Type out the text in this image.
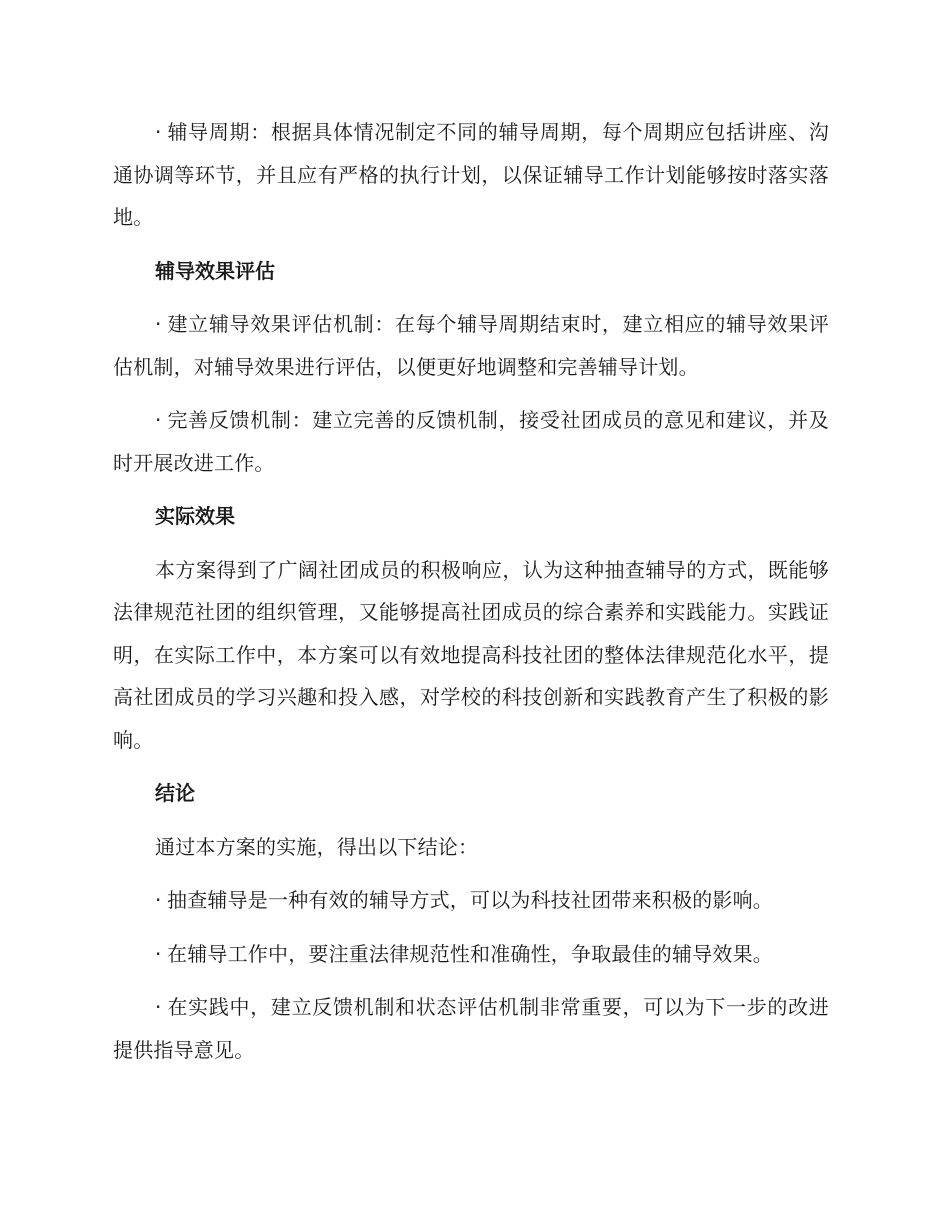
· 辅导周期：根据具体情况制定不同的辅导周期，每个周期应包括讲座、沟通协调等环节，并且应有严格的执行计划，以保证辅导工作计划能够按时落实落地。

辅导效果评估

· 建立辅导效果评估机制：在每个辅导周期结束时，建立相应的辅导效果评估机制，对辅导效果进行评估，以便更好地调整和完善辅导计划。

· 完善反馈机制：建立完善的反馈机制，接受社团成员的意见和建议，并及时开展改进工作。

实际效果

本方案得到了广阔社团成员的积极响应，认为这种抽查辅导的方式，既能够法律规范社团的组织管理，又能够提高社团成员的综合素养和实践能力。实践证明，在实际工作中，本方案可以有效地提高科技社团的整体法律规范化水平，提高社团成员的学习兴趣和投入感，对学校的科技创新和实践教育产生了积极的影响。

结论

通过本方案的实施，得出以下结论：

· 抽查辅导是一种有效的辅导方式，可以为科技社团带来积极的影响。

· 在辅导工作中，要注重法律规范性和准确性，争取最佳的辅导效果。

· 在实践中，建立反馈机制和状态评估机制非常重要，可以为下一步的改进提供指导意见。
